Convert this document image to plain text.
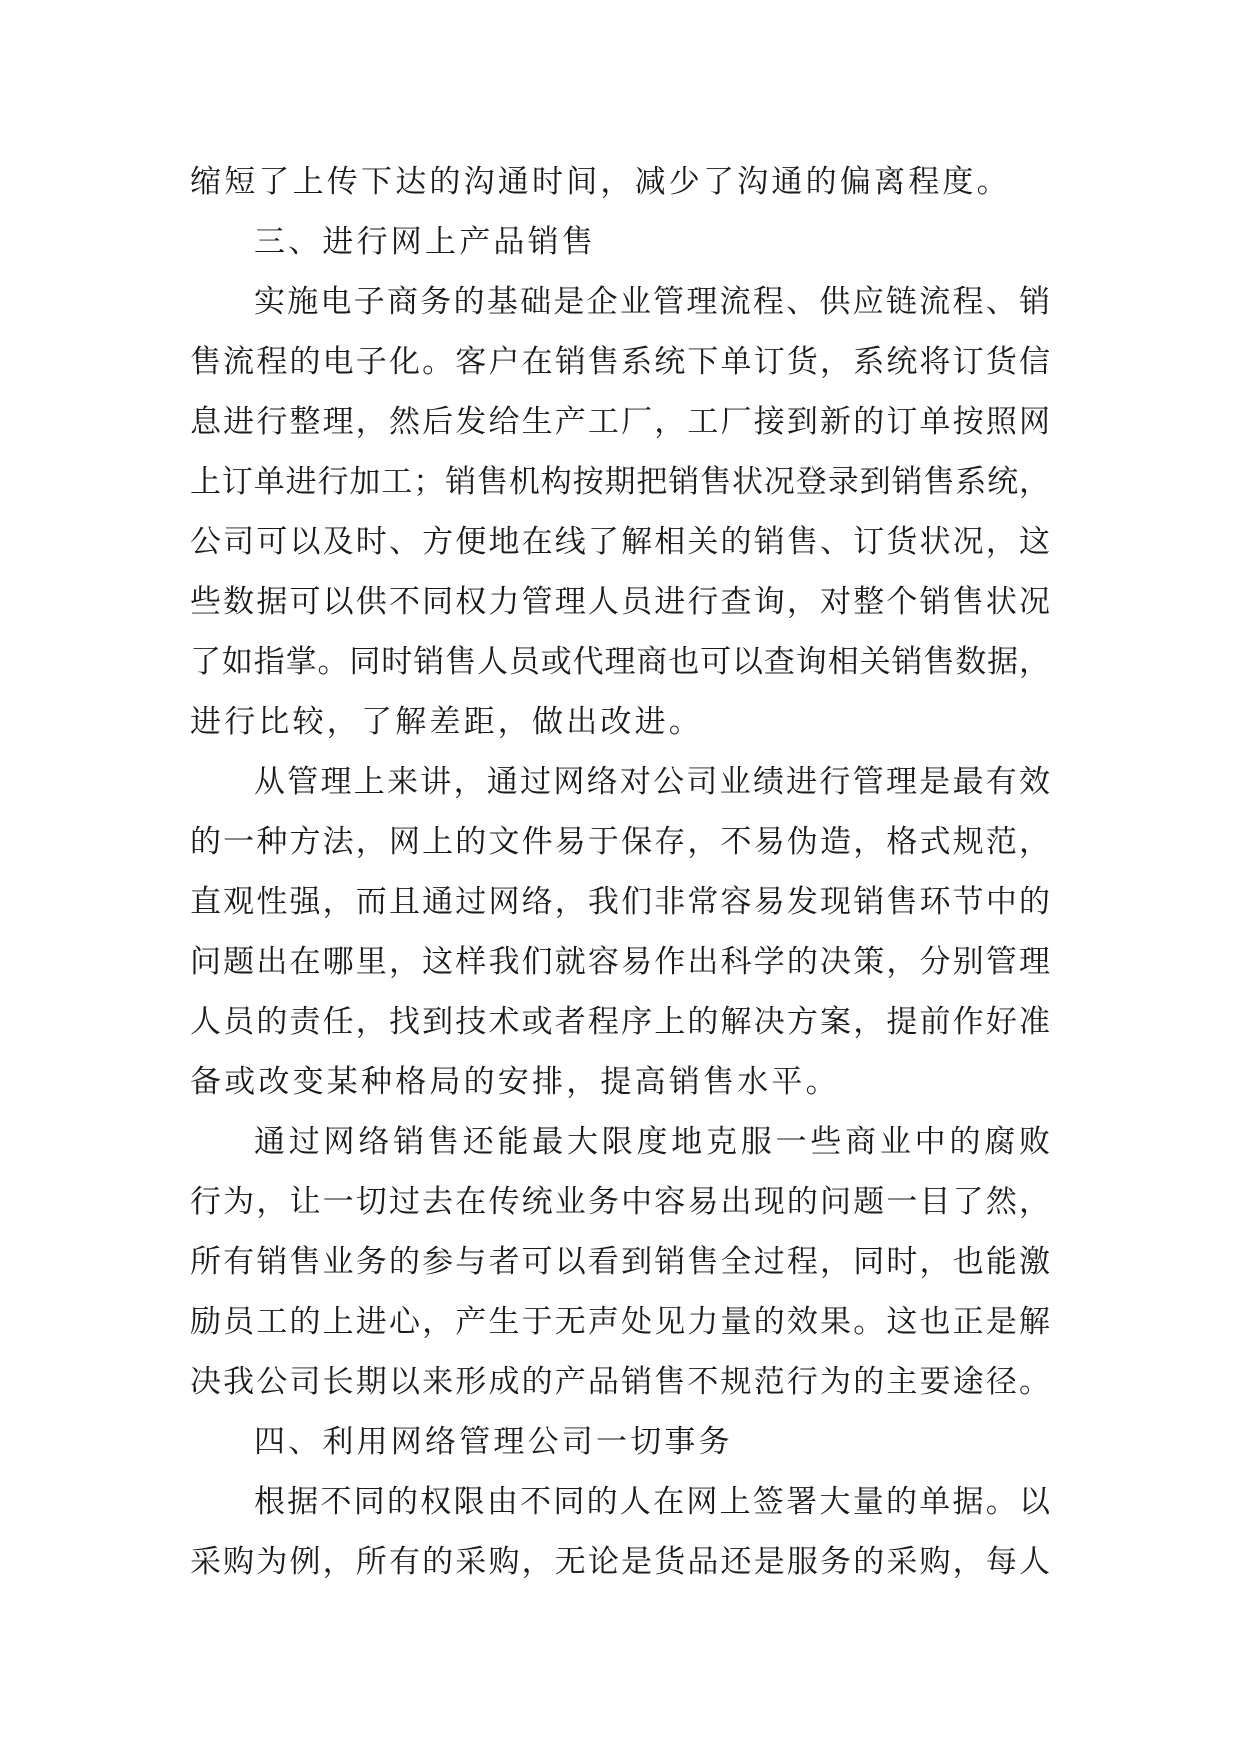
缩短了上传下达的沟通时间，减少了沟通的偏离程度。
三、进行网上产品销售
实施电子商务的基础是企业管理流程、供应链流程、销
售流程的电子化。客户在销售系统下单订货，系统将订货信
息进行整理，然后发给生产工厂，工厂接到新的订单按照网
上订单进行加工；销售机构按期把销售状况登录到销售系统，
公司可以及时、方便地在线了解相关的销售、订货状况，这
些数据可以供不同权力管理人员进行查询，对整个销售状况
了如指掌。同时销售人员或代理商也可以查询相关销售数据，
进行比较，了解差距，做出改进。
从管理上来讲，通过网络对公司业绩进行管理是最有效
的一种方法，网上的文件易于保存，不易伪造，格式规范，
直观性强，而且通过网络，我们非常容易发现销售环节中的
问题出在哪里，这样我们就容易作出科学的决策，分别管理
人员的责任，找到技术或者程序上的解决方案，提前作好准
备或改变某种格局的安排，提高销售水平。
通过网络销售还能最大限度地克服一些商业中的腐败
行为，让一切过去在传统业务中容易出现的问题一目了然，
所有销售业务的参与者可以看到销售全过程，同时，也能激
励员工的上进心，产生于无声处见力量的效果。这也正是解
决我公司长期以来形成的产品销售不规范行为的主要途径。
四、利用网络管理公司一切事务
根据不同的权限由不同的人在网上签署大量的单据。以
采购为例，所有的采购，无论是货品还是服务的采购，每人
